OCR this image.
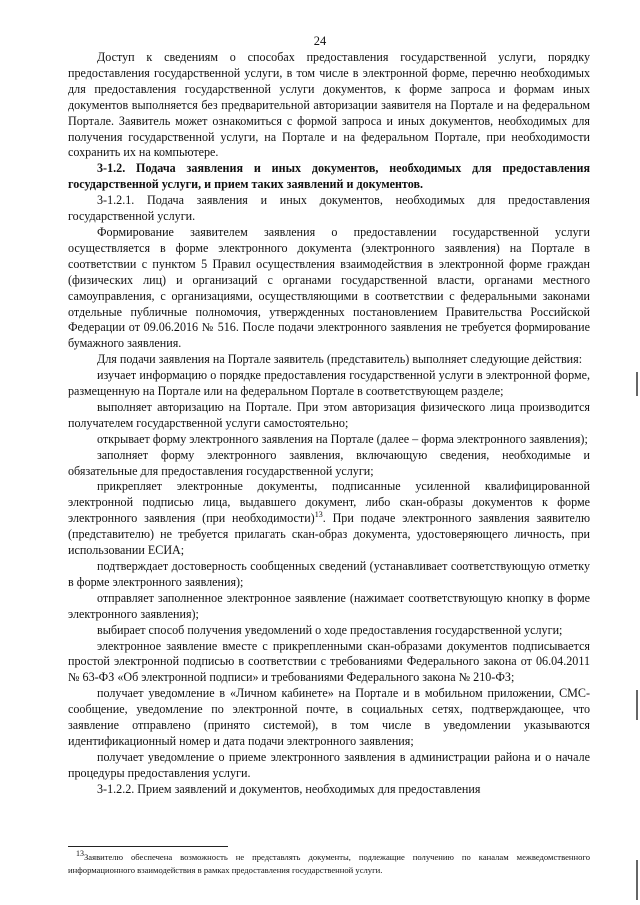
24

Доступ к сведениям о способах предоставления государственной услуги, порядку предоставления государственной услуги, в том числе в электронной форме, перечню необходимых для предоставления государственной услуги документов, к форме запроса и формам иных документов выполняется без предварительной авторизации заявителя на Портале и на федеральном Портале. Заявитель может ознакомиться с формой запроса и иных документов, необходимых для получения государственной услуги, на Портале и на федеральном Портале, при необходимости сохранить их на компьютере.

3-1.2. Подача заявления и иных документов, необходимых для предоставления государственной услуги, и прием таких заявлений и документов.

3-1.2.1. Подача заявления и иных документов, необходимых для предоставления государственной услуги.

Формирование заявителем заявления о предоставлении государственной услуги осуществляется в форме электронного документа (электронного заявления) на Портале в соответствии с пунктом 5 Правил осуществления взаимодействия в электронной форме граждан (физических лиц) и организаций с органами государственной власти, органами местного самоуправления, с организациями, осуществляющими в соответствии с федеральными законами отдельные публичные полномочия, утвержденных постановлением Правительства Российской Федерации от 09.06.2016 № 516. После подачи электронного заявления не требуется формирование бумажного заявления.

Для подачи заявления на Портале заявитель (представитель) выполняет следующие действия:

изучает информацию о порядке предоставления государственной услуги в электронной форме, размещенную на Портале или на федеральном Портале в соответствующем разделе;

выполняет авторизацию на Портале. При этом авторизация физического лица производится получателем государственной услуги самостоятельно;

открывает форму электронного заявления на Портале (далее – форма электронного заявления);

заполняет форму электронного заявления, включающую сведения, необходимые и обязательные для предоставления государственной услуги;

прикрепляет электронные документы, подписанные усиленной квалифицированной электронной подписью лица, выдавшего документ, либо скан-образы документов к форме электронного заявления (при необходимости)$^{13}$. При подаче электронного заявления заявителю (представителю) не требуется прилагать скан-образ документа, удостоверяющего личность, при использовании ЕСИА;

подтверждает достоверность сообщенных сведений (устанавливает соответствующую отметку в форме электронного заявления);

отправляет заполненное электронное заявление (нажимает соответствующую кнопку в форме электронного заявления);

выбирает способ получения уведомлений о ходе предоставления государственной услуги;

электронное заявление вместе с прикрепленными скан-образами документов подписывается простой электронной подписью в соответствии с требованиями Федерального закона от 06.04.2011 № 63-ФЗ «Об электронной подписи» и требованиями Федерального закона № 210-ФЗ;

получает уведомление в «Личном кабинете» на Портале и в мобильном приложении, СМС-сообщение, уведомление по электронной почте, в социальных сетях, подтверждающее, что заявление отправлено (принято системой), в том числе в уведомлении указываются идентификационный номер и дата подачи электронного заявления;

получает уведомление о приеме электронного заявления в администрации района и о начале процедуры предоставления услуги.

3-1.2.2. Прием заявлений и документов, необходимых для предоставления

$^{13}$Заявителю обеспечена возможность не представлять документы, подлежащие получению по каналам межведомственного информационного взаимодействия в рамках предоставления государственной услуги.
